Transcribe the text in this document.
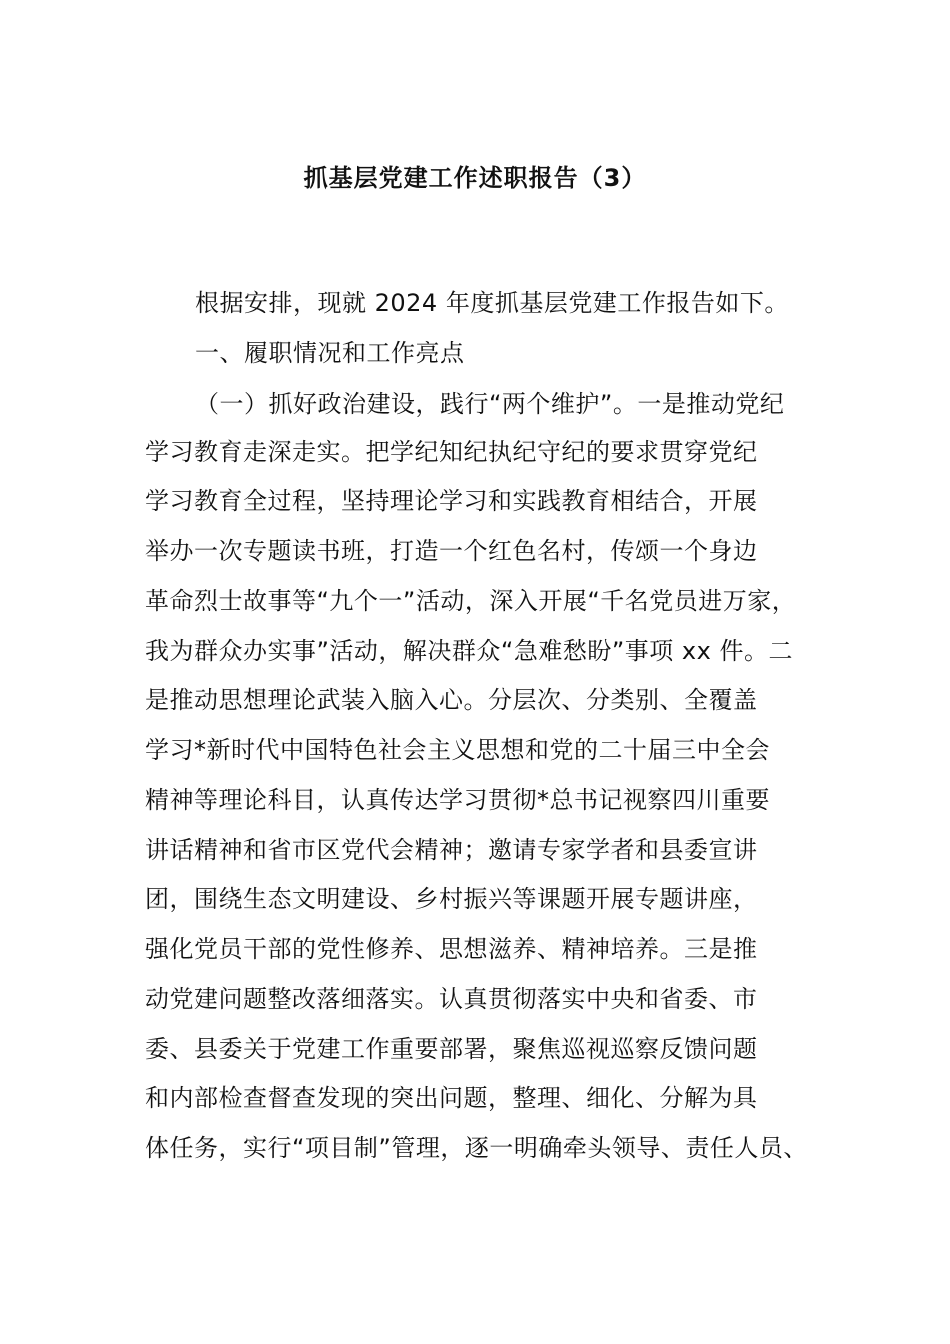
抓基层党建工作述职报告（3）
根据安排，现就 2024 年度抓基层党建工作报告如下。
一、履职情况和工作亮点
（一）抓好政治建设，践行“两个维护”。一是推动党纪
学习教育走深走实。把学纪知纪执纪守纪的要求贯穿党纪
学习教育全过程，坚持理论学习和实践教育相结合，开展
举办一次专题读书班，打造一个红色名村，传颂一个身边
革命烈士故事等“九个一”活动，深入开展“千名党员进万家，
我为群众办实事”活动，解决群众“急难愁盼”事项 xx 件。二
是推动思想理论武装入脑入心。分层次、分类别、全覆盖
学习*新时代中国特色社会主义思想和党的二十届三中全会
精神等理论科目，认真传达学习贯彻*总书记视察四川重要
讲话精神和省市区党代会精神；邀请专家学者和县委宣讲
团，围绕生态文明建设、乡村振兴等课题开展专题讲座，
强化党员干部的党性修养、思想滋养、精神培养。三是推
动党建问题整改落细落实。认真贯彻落实中央和省委、市
委、县委关于党建工作重要部署，聚焦巡视巡察反馈问题
和内部检查督查发现的突出问题，整理、细化、分解为具
体任务，实行“项目制”管理，逐一明确牵头领导、责任人员、
